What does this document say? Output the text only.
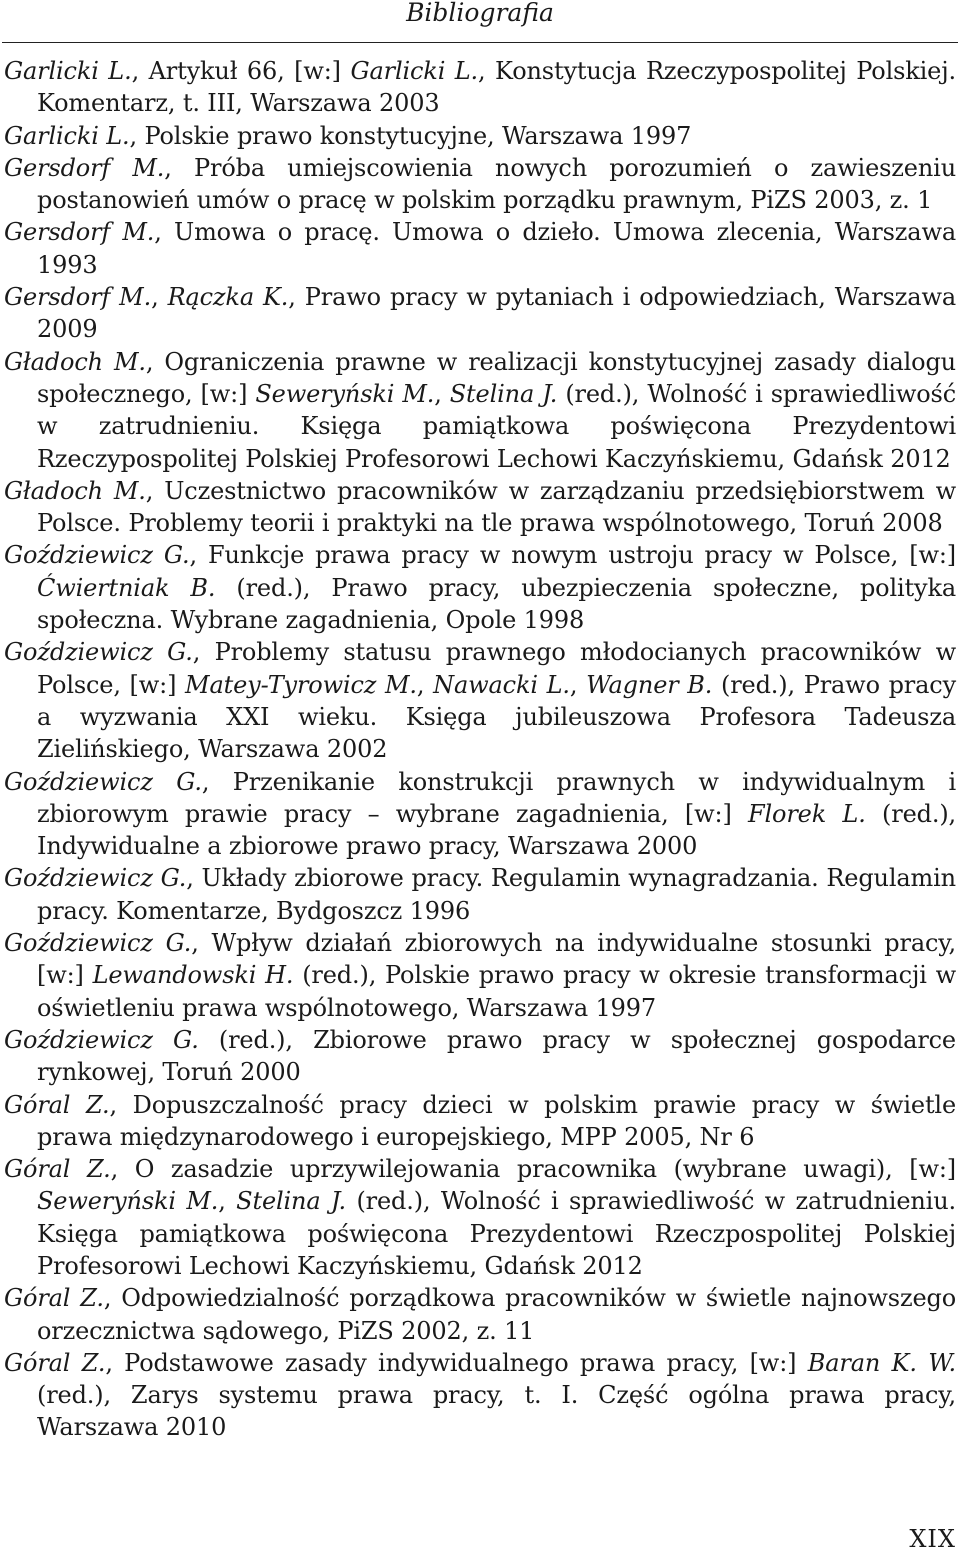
Bibliografia
Garlicki L., Artykuł 66, [w:] Garlicki L., Konstytucja Rzeczypospolitej Polskiej. Komentarz, t. III, Warszawa 2003
Garlicki L., Polskie prawo konstytucyjne, Warszawa 1997
Gersdorf M., Próba umiejscowienia nowych porozumień o zawieszeniu postanowień umów o pracę w polskim porządku prawnym, PiZS 2003, z. 1
Gersdorf M., Umowa o pracę. Umowa o dzieło. Umowa zlecenia, Warszawa 1993
Gersdorf M., Rączka K., Prawo pracy w pytaniach i odpowiedziach, Warszawa 2009
Gładoch M., Ograniczenia prawne w realizacji konstytucyjnej zasady dialogu społecznego, [w:] Seweryński M., Stelina J. (red.), Wolność i sprawiedliwość w zatrudnieniu. Księga pamiątkowa poświęcona Prezydentowi Rzeczypospolitej Polskiej Profesorowi Lechowi Kaczyńskiemu, Gdańsk 2012
Gładoch M., Uczestnictwo pracowników w zarządzaniu przedsiębiorstwem w Polsce. Problemy teorii i praktyki na tle prawa wspólnotowego, Toruń 2008
Goździewicz G., Funkcje prawa pracy w nowym ustroju pracy w Polsce, [w:] Ćwiertniak B. (red.), Prawo pracy, ubezpieczenia społeczne, polityka społeczna. Wybrane zagadnienia, Opole 1998
Goździewicz G., Problemy statusu prawnego młodocianych pracowników w Polsce, [w:] Matey-Tyrowicz M., Nawacki L., Wagner B. (red.), Prawo pracy a wyzwania XXI wieku. Księga jubileuszowa Profesora Tadeusza Zielińskiego, Warszawa 2002
Goździewicz G., Przenikanie konstrukcji prawnych w indywidualnym i zbiorowym prawie pracy – wybrane zagadnienia, [w:] Florek L. (red.), Indywidualne a zbiorowe prawo pracy, Warszawa 2000
Goździewicz G., Układy zbiorowe pracy. Regulamin wynagradzania. Regulamin pracy. Komentarze, Bydgoszcz 1996
Goździewicz G., Wpływ działań zbiorowych na indywidualne stosunki pracy, [w:] Lewandowski H. (red.), Polskie prawo pracy w okresie transformacji w oświetleniu prawa wspólnotowego, Warszawa 1997
Goździewicz G. (red.), Zbiorowe prawo pracy w społecznej gospodarce rynkowej, Toruń 2000
Góral Z., Dopuszczalność pracy dzieci w polskim prawie pracy w świetle prawa międzynarodowego i europejskiego, MPP 2005, Nr 6
Góral Z., O zasadzie uprzywilejowania pracownika (wybrane uwagi), [w:] Seweryński M., Stelina J. (red.), Wolność i sprawiedliwość w zatrudnieniu. Księga pamiątkowa poświęcona Prezydentowi Rzeczpospolitej Polskiej Profesorowi Lechowi Kaczyńskiemu, Gdańsk 2012
Góral Z., Odpowiedzialność porządkowa pracowników w świetle najnowszego orzecznictwa sądowego, PiZS 2002, z. 11
Góral Z., Podstawowe zasady indywidualnego prawa pracy, [w:] Baran K. W. (red.), Zarys systemu prawa pracy, t. I. Część ogólna prawa pracy, Warszawa 2010
XIX
